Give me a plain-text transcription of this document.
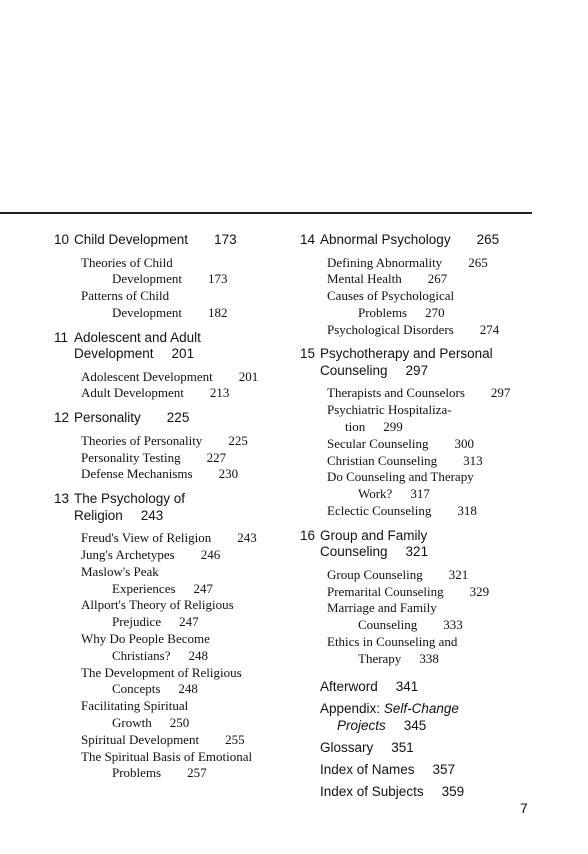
10 Child Development 173
Theories of Child
Development 173
Patterns of Child
Development 182
11 Adolescent and Adult
Development 201
Adolescent Development 201
Adult Development 213
12 Personality 225
Theories of Personality 225
Personality Testing 227
Defense Mechanisms 230
13 The Psychology of
Religion 243
Freud's View of Religion 243
Jung's Archetypes 246
Maslow's Peak
Experiences 247
Allport's Theory of Religious
Prejudice 247
Why Do People Become
Christians? 248
The Development of Religious
Concepts 248
Facilitating Spiritual
Growth 250
Spiritual Development 255
The Spiritual Basis of Emotional
Problems 257
14 Abnormal Psychology 265
Defining Abnormality 265
Mental Health 267
Causes of Psychological
Problems 270
Psychological Disorders 274
15 Psychotherapy and Personal
Counseling 297
Therapists and Counselors 297
Psychiatric Hospitaliza-
tion 299
Secular Counseling 300
Christian Counseling 313
Do Counseling and Therapy
Work? 317
Eclectic Counseling 318
16 Group and Family
Counseling 321
Group Counseling 321
Premarital Counseling 329
Marriage and Family
Counseling 333
Ethics in Counseling and
Therapy 338
Afterword 341
Appendix: Self-Change
Projects 345
Glossary 351
Index of Names 357
Index of Subjects 359
7
